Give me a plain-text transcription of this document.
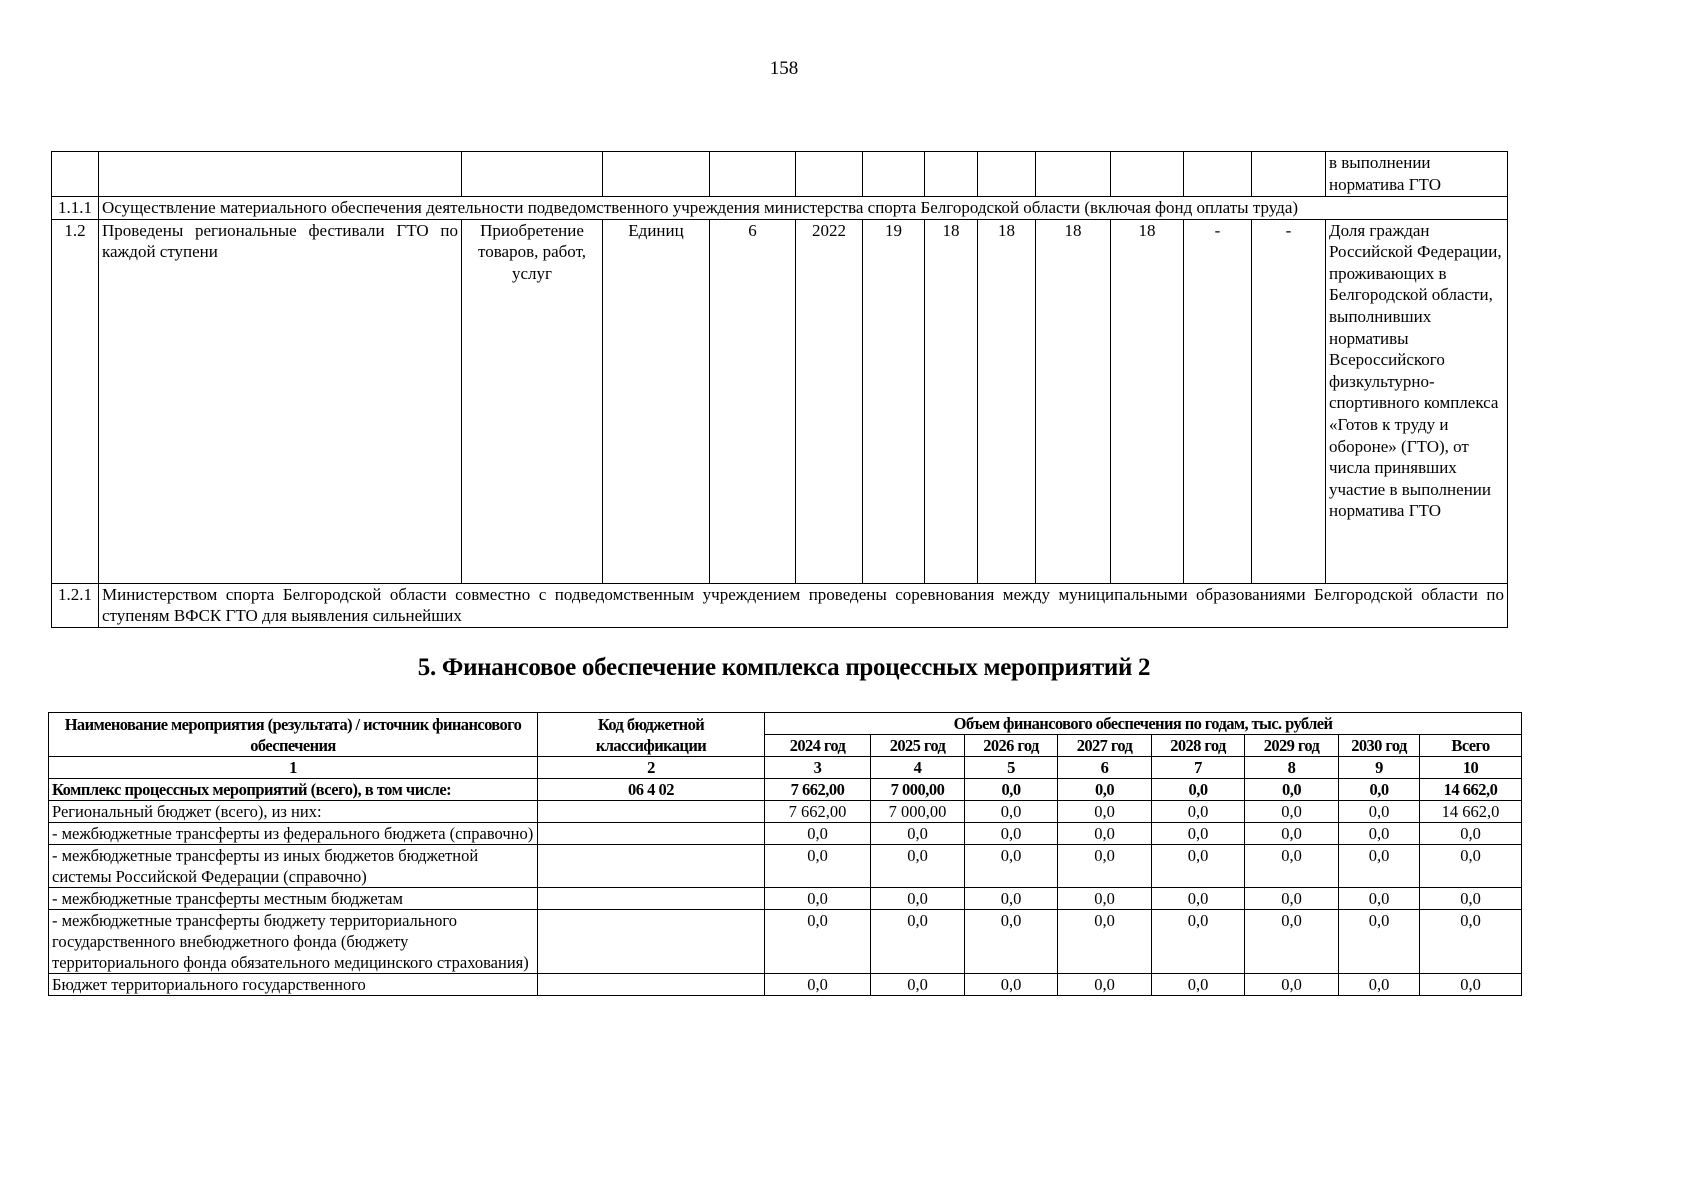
158
													в выполнении норматива ГТО
1.1.1	Осуществление материального обеспечения деятельности подведомственного учреждения министерства спорта Белгородской области (включая фонд оплаты труда)												
1.2	Проведены региональные фестивали ГТО по каждой ступени	Приобретение товаров, работ, услуг	Единиц	6	2022	19	18	18	18	18	-	-	Доля граждан Российской Федерации, проживающих в Белгородской области, выполнивших нормативы Всероссийского физкультурно-спортивного комплекса «Готов к труду и обороне» (ГТО), от числа принявших участие в выполнении норматива ГТО
1.2.1	Министерством спорта Белгородской области совместно с подведомственным учреждением проведены соревнования между муниципальными образованиями Белгородской области по ступеням ВФСК ГТО для выявления сильнейших												
5. Финансовое обеспечение комплекса процессных мероприятий 2
Наименование мероприятия (результата) / источник финансового обеспечения	Код бюджетной классификации	Объем финансового обеспечения по годам, тыс. рублей							
		2024 год	2025 год	2026 год	2027 год	2028 год	2029 год	2030 год	Всего
1	2	3	4	5	6	7	8	9	10
Комплекс процессных мероприятий (всего), в том числе:	06 4 02	7 662,00	7 000,00	0,0	0,0	0,0	0,0	0,0	14 662,0
Региональный бюджет (всего), из них:		7 662,00	7 000,00	0,0	0,0	0,0	0,0	0,0	14 662,0
- межбюджетные трансферты из федерального бюджета (справочно)		0,0	0,0	0,0	0,0	0,0	0,0	0,0	0,0
- межбюджетные трансферты из иных бюджетов бюджетной системы Российской Федерации (справочно)		0,0	0,0	0,0	0,0	0,0	0,0	0,0	0,0
- межбюджетные трансферты местным бюджетам		0,0	0,0	0,0	0,0	0,0	0,0	0,0	0,0
- межбюджетные трансферты бюджету территориального государственного внебюджетного фонда (бюджету территориального фонда обязательного медицинского страхования)		0,0	0,0	0,0	0,0	0,0	0,0	0,0	0,0
Бюджет территориального государственного		0,0	0,0	0,0	0,0	0,0	0,0	0,0	0,0
